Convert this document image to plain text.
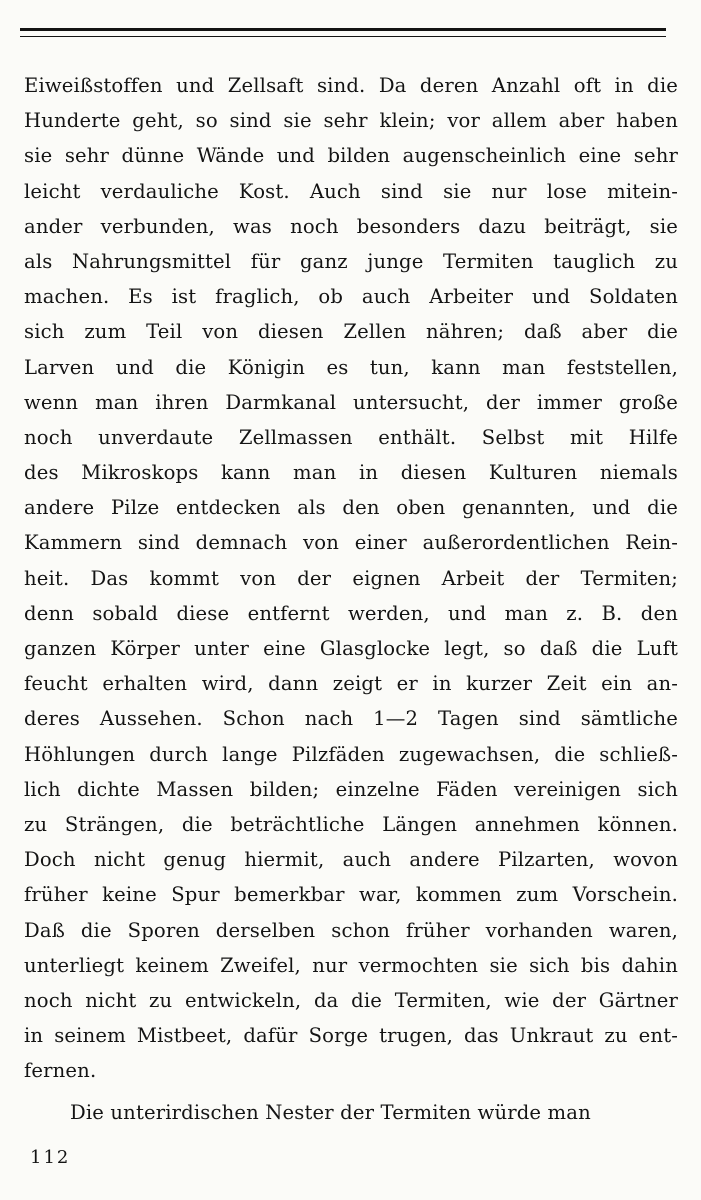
Eiweißstoffen und Zellsaft sind. Da deren Anzahl oft in die
Hunderte geht, so sind sie sehr klein; vor allem aber haben
sie sehr dünne Wände und bilden augenscheinlich eine sehr
leicht verdauliche Kost. Auch sind sie nur lose mitein-
ander verbunden, was noch besonders dazu beiträgt, sie
als Nahrungsmittel für ganz junge Termiten tauglich zu
machen. Es ist fraglich, ob auch Arbeiter und Soldaten
sich zum Teil von diesen Zellen nähren; daß aber die
Larven und die Königin es tun, kann man feststellen,
wenn man ihren Darmkanal untersucht, der immer große
noch unverdaute Zellmassen enthält. Selbst mit Hilfe
des Mikroskops kann man in diesen Kulturen niemals
andere Pilze entdecken als den oben genannten, und die
Kammern sind demnach von einer außerordentlichen Rein-
heit. Das kommt von der eignen Arbeit der Termiten;
denn sobald diese entfernt werden, und man z. B. den
ganzen Körper unter eine Glasglocke legt, so daß die Luft
feucht erhalten wird, dann zeigt er in kurzer Zeit ein an-
deres Aussehen. Schon nach 1—2 Tagen sind sämtliche
Höhlungen durch lange Pilzfäden zugewachsen, die schließ-
lich dichte Massen bilden; einzelne Fäden vereinigen sich
zu Strängen, die beträchtliche Längen annehmen können.
Doch nicht genug hiermit, auch andere Pilzarten, wovon
früher keine Spur bemerkbar war, kommen zum Vorschein.
Daß die Sporen derselben schon früher vorhanden waren,
unterliegt keinem Zweifel, nur vermochten sie sich bis dahin
noch nicht zu entwickeln, da die Termiten, wie der Gärtner
in seinem Mistbeet, dafür Sorge trugen, das Unkraut zu ent-
fernen.
Die unterirdischen Nester der Termiten würde man
112
